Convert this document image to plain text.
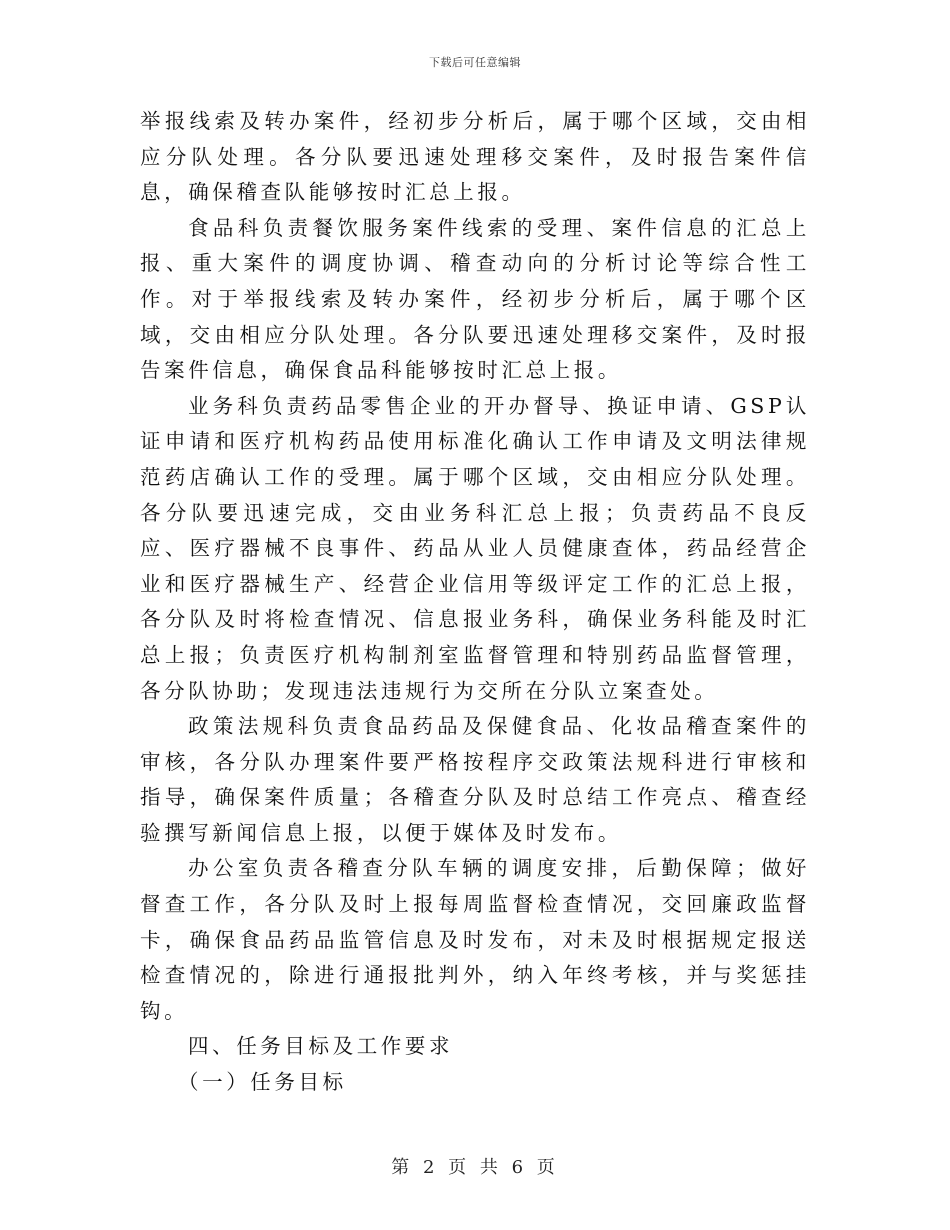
下载后可任意编辑

举报线索及转办案件，经初步分析后，属于哪个区域，交由相应分队处理。各分队要迅速处理移交案件，及时报告案件信息，确保稽查队能够按时汇总上报。

食品科负责餐饮服务案件线索的受理、案件信息的汇总上报、重大案件的调度协调、稽查动向的分析讨论等综合性工作。对于举报线索及转办案件，经初步分析后，属于哪个区域，交由相应分队处理。各分队要迅速处理移交案件，及时报告案件信息，确保食品科能够按时汇总上报。

业务科负责药品零售企业的开办督导、换证申请、GSP认证申请和医疗机构药品使用标准化确认工作申请及文明法律规范药店确认工作的受理。属于哪个区域，交由相应分队处理。各分队要迅速完成，交由业务科汇总上报；负责药品不良反应、医疗器械不良事件、药品从业人员健康查体，药品经营企业和医疗器械生产、经营企业信用等级评定工作的汇总上报，各分队及时将检查情况、信息报业务科，确保业务科能及时汇总上报；负责医疗机构制剂室监督管理和特别药品监督管理，各分队协助；发现违法违规行为交所在分队立案查处。

政策法规科负责食品药品及保健食品、化妆品稽查案件的审核，各分队办理案件要严格按程序交政策法规科进行审核和指导，确保案件质量；各稽查分队及时总结工作亮点、稽查经验撰写新闻信息上报，以便于媒体及时发布。

办公室负责各稽查分队车辆的调度安排，后勤保障；做好督查工作，各分队及时上报每周监督检查情况，交回廉政监督卡，确保食品药品监管信息及时发布，对未及时根据规定报送检查情况的，除进行通报批判外，纳入年终考核，并与奖惩挂钩。

四、任务目标及工作要求

（一）任务目标

第 2 页 共 6 页
